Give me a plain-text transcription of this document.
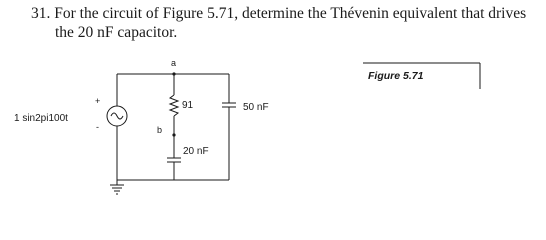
31. For the circuit of Figure 5.71, determine the Thévenin equivalent that drives
the 20 nF capacitor.
Figure 5.71
1 sin2pi100t
+
-
a
b
91	50 nF
20 nF
